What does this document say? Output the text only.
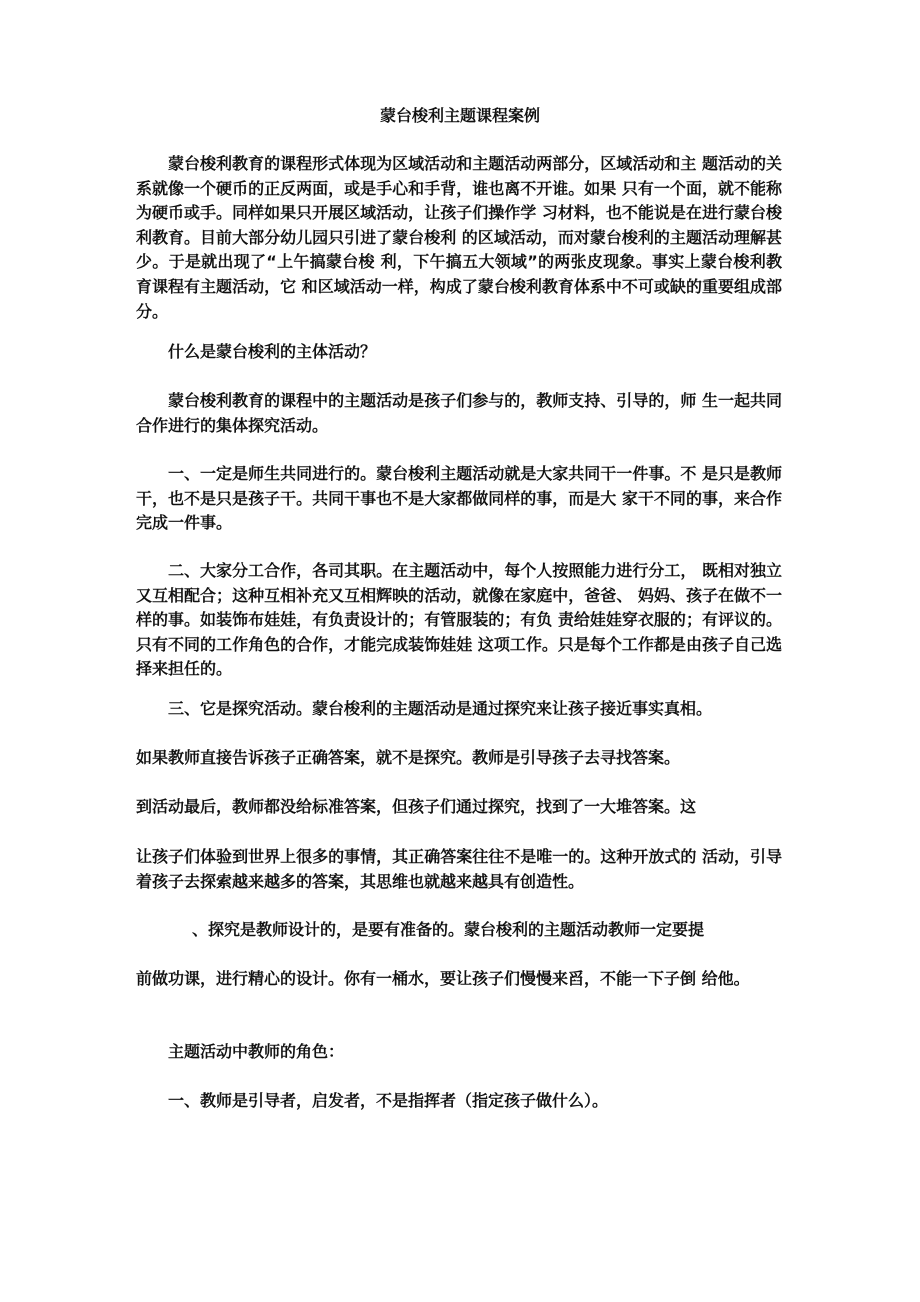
蒙台梭利主题课程案例

蒙台梭利教育的课程形式体现为区域活动和主题活动两部分，区域活动和主 题活动的关系就像一个硬币的正反两面，或是手心和手背，谁也离不开谁。如果 只有一个面，就不能称为硬币或手。同样如果只开展区域活动，让孩子们操作学 习材料，也不能说是在进行蒙台梭利教育。目前大部分幼儿园只引进了蒙台梭利 的区域活动，而对蒙台梭利的主题活动理解甚少。于是就出现了“上午搞蒙台梭 利，下午搞五大领域”的两张皮现象。事实上蒙台梭利教育课程有主题活动，它 和区域活动一样，构成了蒙台梭利教育体系中不可或缺的重要组成部分。

什么是蒙台梭利的主体活动？

蒙台梭利教育的课程中的主题活动是孩子们参与的，教师支持、引导的，师 生一起共同合作进行的集体探究活动。

一、一定是师生共同进行的。蒙台梭利主题活动就是大家共同干一件事。不 是只是教师干，也不是只是孩子干。共同干事也不是大家都做同样的事，而是大 家干不同的事，来合作完成一件事。

二、大家分工合作，各司其职。在主题活动中，每个人按照能力进行分工， 既相对独立又互相配合；这种互相补充又互相辉映的活动，就像在家庭中，爸爸、 妈妈、孩子在做不一样的事。如装饰布娃娃，有负责设计的；有管服装的；有负 责给娃娃穿衣服的；有评议的。只有不同的工作角色的合作，才能完成装饰娃娃 这项工作。只是每个工作都是由孩子自己选择来担任的。

三、它是探究活动。蒙台梭利的主题活动是通过探究来让孩子接近事实真相。

如果教师直接告诉孩子正确答案，就不是探究。教师是引导孩子去寻找答案。

到活动最后，教师都没给标准答案，但孩子们通过探究，找到了一大堆答案。这

让孩子们体验到世界上很多的事情，其正确答案往往不是唯一的。这种开放式的 活动，引导着孩子去探索越来越多的答案，其思维也就越来越具有创造性。

、探究是教师设计的，是要有准备的。蒙台梭利的主题活动教师一定要提

前做功课，进行精心的设计。你有一桶水，要让孩子们慢慢来舀，不能一下子倒 给他。

主题活动中教师的角色：

一、教师是引导者，启发者，不是指挥者（指定孩子做什么）。
